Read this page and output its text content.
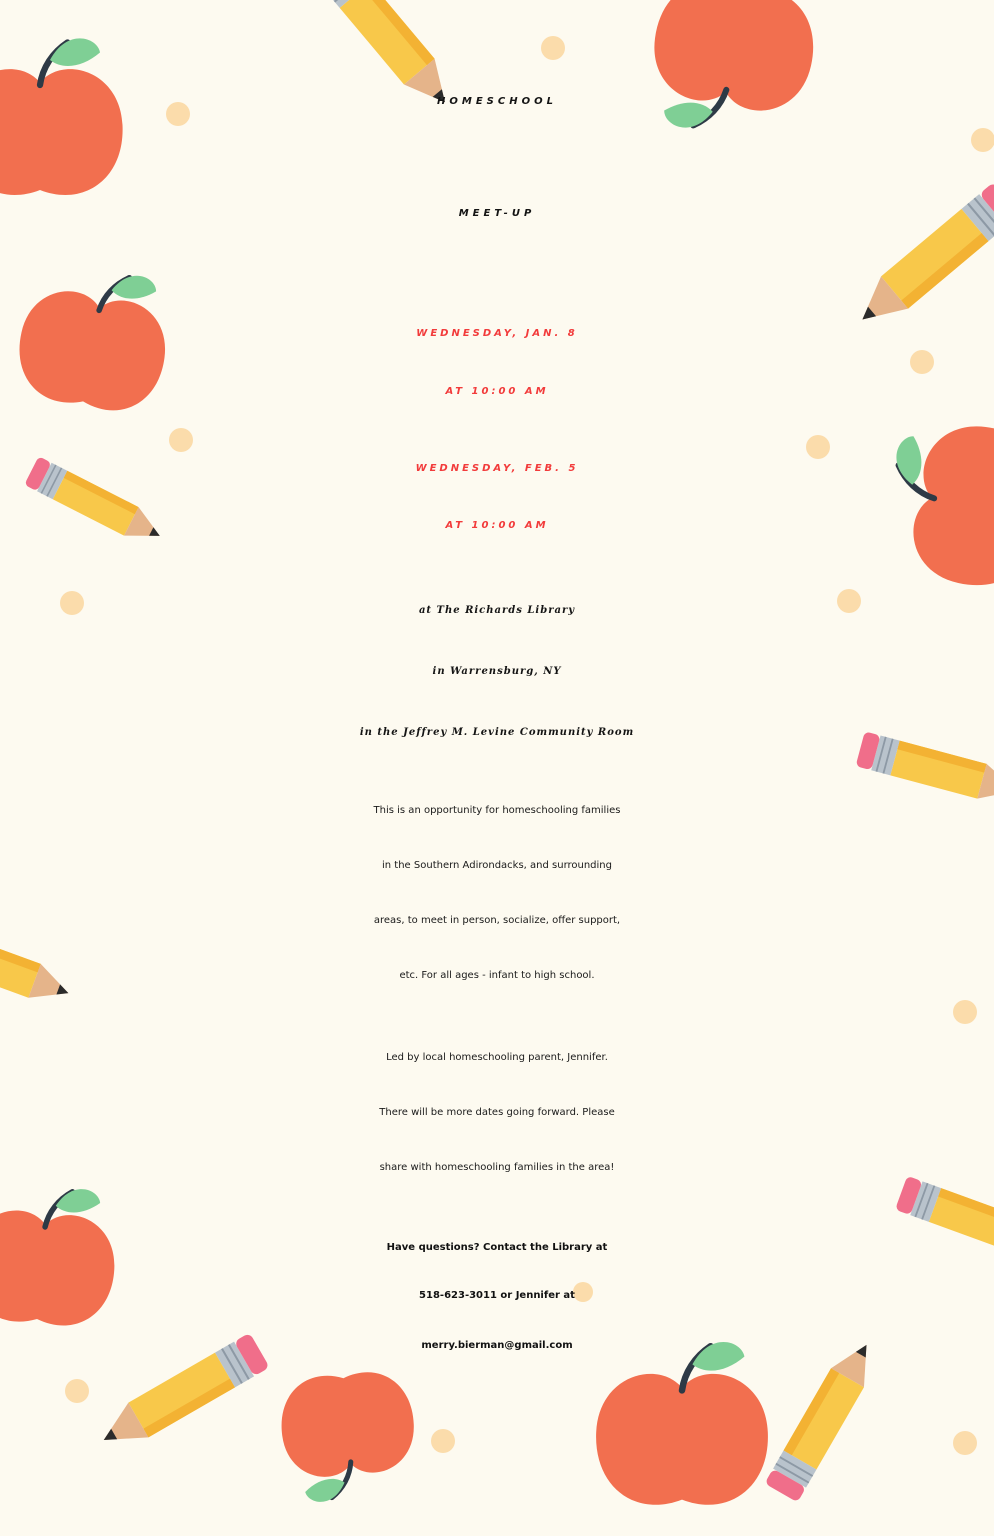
HOMESCHOOL
MEET-UP
WEDNESDAY, JAN. 8
AT 10:00 AM
WEDNESDAY, FEB. 5
AT 10:00 AM
at The Richards Library
in Warrensburg, NY
in the Jeffrey M. Levine Community Room
This is an opportunity for homeschooling families
in the Southern Adirondacks, and surrounding
areas, to meet in person, socialize, offer support,
etc. For all ages - infant to high school.
Led by local homeschooling parent, Jennifer.
There will be more dates going forward. Please
share with homeschooling families in the area!
Have questions? Contact the Library at
518-623-3011 or Jennifer at
merry.bierman@gmail.com
